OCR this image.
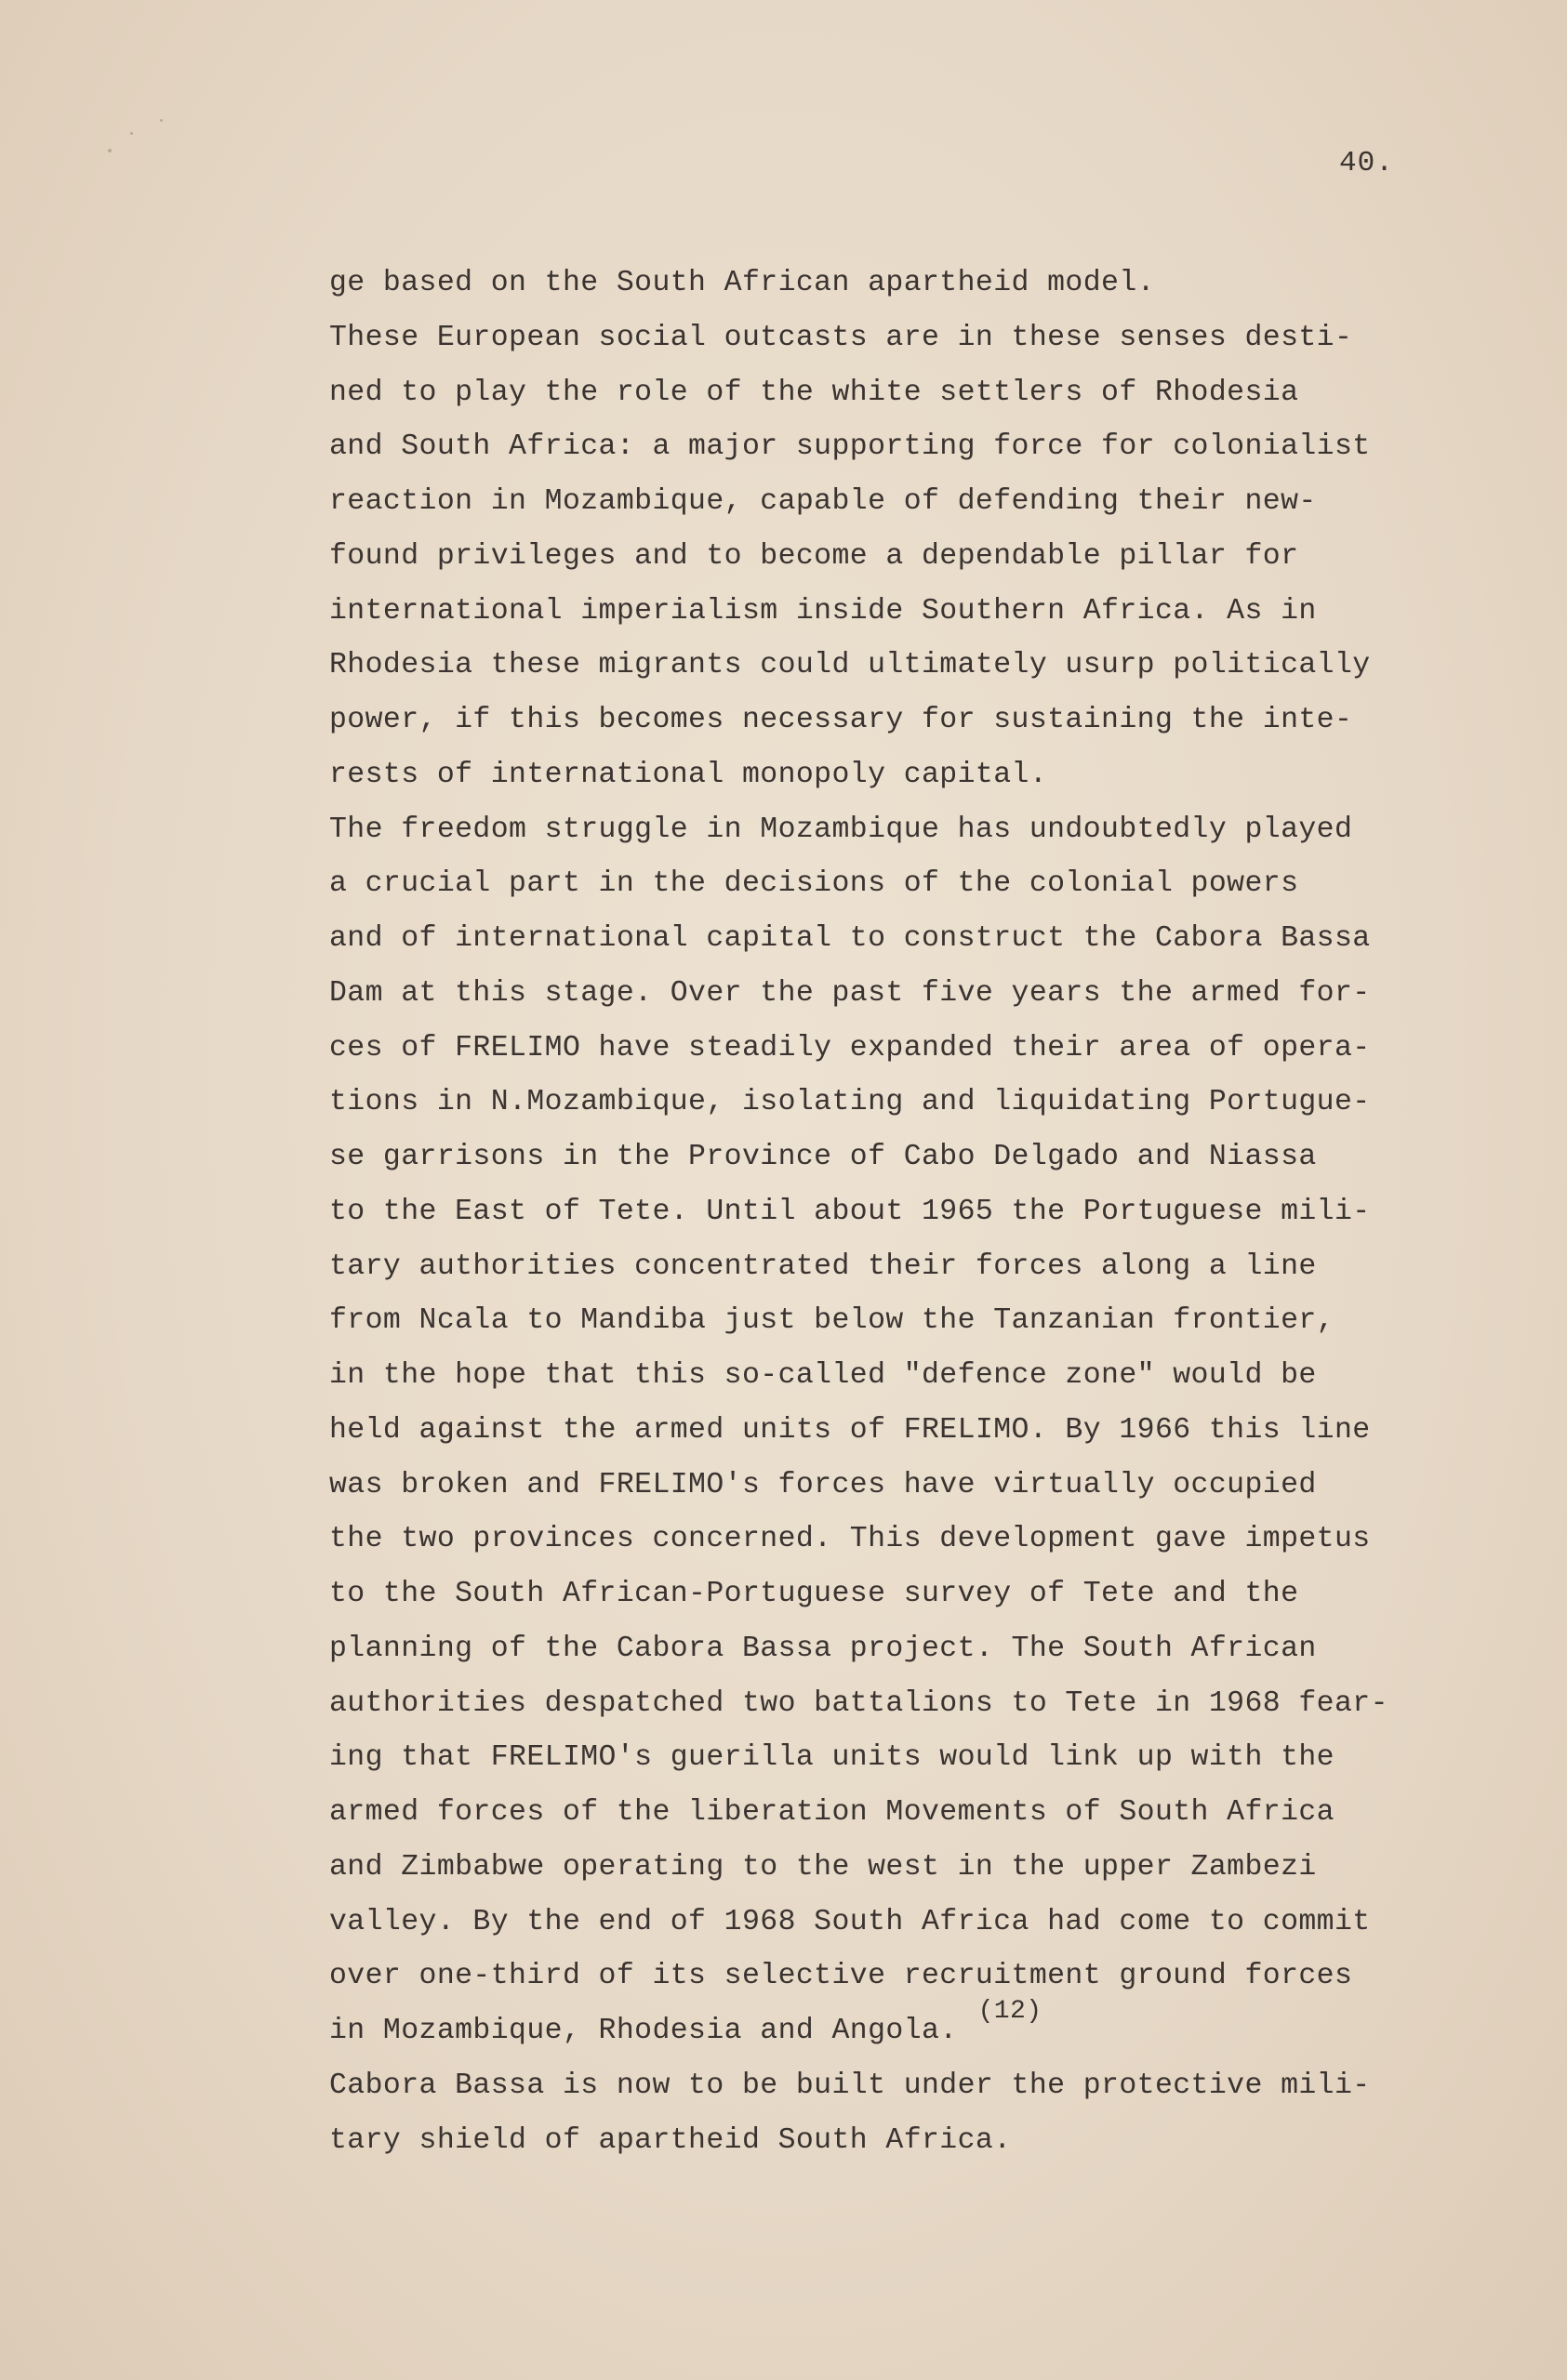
40.
ge based on the South African apartheid model.
These European social outcasts are in these senses desti-
ned to play the role of the white settlers of Rhodesia
and South Africa: a major supporting force for colonialist
reaction in Mozambique, capable of defending their new-
found privileges and to become a dependable pillar for
international imperialism inside Southern Africa. As in
Rhodesia these migrants could ultimately usurp politically
power, if this becomes necessary for sustaining the inte-
rests of international monopoly capital.
The freedom struggle in Mozambique has undoubtedly played
a crucial part in the decisions of the colonial powers
and of international capital to construct the Cabora Bassa
Dam at this stage. Over the past five years the armed for-
ces of FRELIMO have steadily expanded their area of opera-
tions in N.Mozambique, isolating and liquidating Portugue-
se garrisons in the Province of Cabo Delgado and Niassa
to the East of Tete. Until about 1965 the Portuguese mili-
tary authorities concentrated their forces along a line
from Ncala to Mandiba just below the Tanzanian frontier,
in the hope that this so-called "defence zone" would be
held against the armed units of FRELIMO. By 1966 this line
was broken and FRELIMO's forces have virtually occupied
the two provinces concerned. This development gave impetus
to the South African-Portuguese survey of Tete and the
planning of the Cabora Bassa project. The South African
authorities despatched two battalions to Tete in 1968 fear-
ing that FRELIMO's guerilla units would link up with the
armed forces of the liberation Movements of South Africa
and Zimbabwe operating to the west in the upper Zambezi
valley. By the end of 1968 South Africa had come to commit
over one-third of its selective recruitment ground forces
in Mozambique, Rhodesia and Angola.(12)
Cabora Bassa is now to be built under the protective mili-
tary shield of apartheid South Africa.
